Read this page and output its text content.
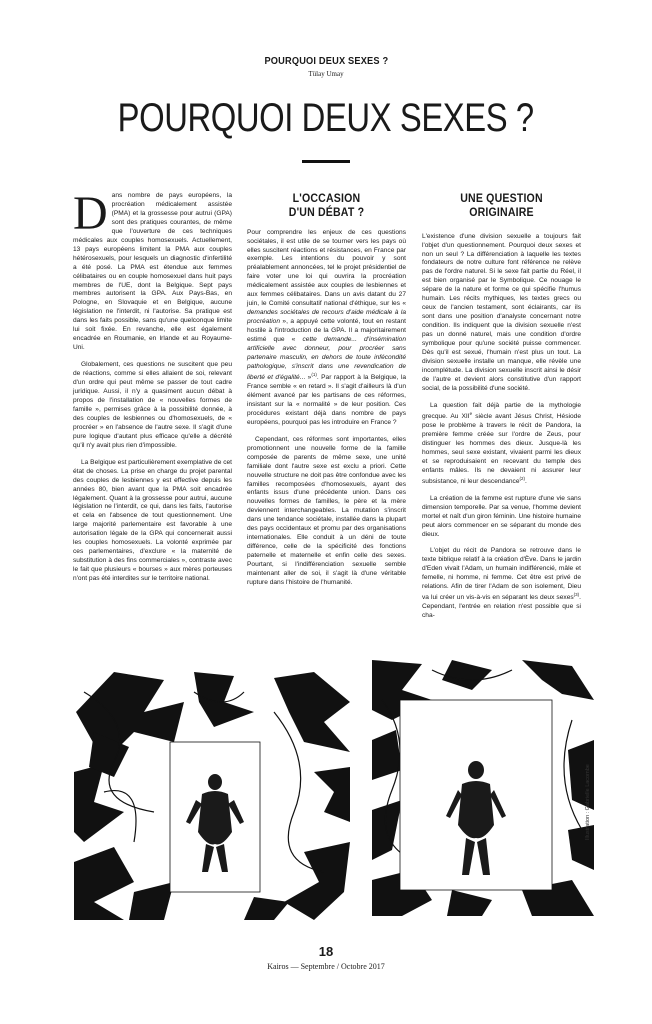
POURQUOI DEUX SEXES ?
Tülay Umay
POURQUOI DEUX SEXES ?

Dans nombre de pays européens, la procréation médicalement assistée (PMA) et la grossesse pour autrui (GPA) sont des pratiques courantes, de même que l'ouverture de ces techniques médicales aux couples homosexuels. Actuellement, 13 pays européens limitent la PMA aux couples hétérosexuels, pour lesquels un diagnostic d'infertilité a été posé. La PMA est étendue aux femmes célibataires ou en couple homosexuel dans huit pays membres de l'UE, dont la Belgique. Sept pays membres autorisent la GPA. Aux Pays-Bas, en Pologne, en Slovaquie et en Belgique, aucune législation ne l'interdit, ni l'autorise. Sa pratique est dans les faits possible, sans qu'une quelconque limite lui soit fixée. En revanche, elle est également encadrée en Roumanie, en Irlande et au Royaume-Uni.

Globalement, ces questions ne suscitent que peu de réactions, comme si elles allaient de soi, relevant d'un ordre qui peut même se passer de tout cadre juridique. Aussi, il n'y a quasiment aucun débat à propos de l'installation de « nouvelles formes de famille », permises grâce à la possibilité donnée, à des couples de lesbiennes ou d'homosexuels, de « procréer » en l'absence de l'autre sexe. Il s'agit d'une pure logique d'autant plus efficace qu'elle a décrété qu'il n'y avait plus rien d'impossible.

La Belgique est particulièrement exemplative de cet état de choses. La prise en charge du projet parental des couples de lesbiennes y est effective depuis les années 80, bien avant que la PMA soit encadrée légalement. Quant à la grossesse pour autrui, aucune législation ne l'interdit, ce qui, dans les faits, l'autorise et cela en l'absence de tout questionnement. Une large majorité parlementaire est favorable à une autorisation légale de la GPA qui concernerait aussi les couples homosexuels. La volonté exprimée par ces parlementaires, d'exclure « la maternité de substitution à des fins commerciales », contraste avec le fait que plusieurs « bourses » aux mères porteuses n'ont pas été interdites sur le territoire national.

L'OCCASION
D'UN DÉBAT ?

Pour comprendre les enjeux de ces questions sociétales, il est utile de se tourner vers les pays où elles suscitent réactions et résistances, en France par exemple. Les intentions du pouvoir y sont préalablement annoncées, tel le projet présidentiel de faire voter une loi qui ouvrira la procréation médicalement assistée aux couples de lesbiennes et aux femmes célibataires. Dans un avis datant du 27 juin, le Comité consultatif national d'éthique, sur les « demandes sociétales de recours d'aide médicale à la procréation », a appuyé cette volonté, tout en restant hostile à l'introduction de la GPA. Il a majoritairement estimé que « cette demande... d'insémination artificielle avec donneur, pour procréer sans partenaire masculin, en dehors de toute infécondité pathologique, s'inscrit dans une revendication de liberté et d'égalité... »$^{(1)}$. Par rapport à la Belgique, la France semble « en retard ». Il s'agit d'ailleurs là d'un élément avancé par les partisans de ces réformes, insistant sur la « normalité » de leur position. Ces procédures existant déjà dans nombre de pays européens, pourquoi pas les introduire en France ?

Cependant, ces réformes sont importantes, elles promotionnent une nouvelle forme de la famille composée de parents de même sexe, une unité familiale dont l'autre sexe est exclu a priori. Cette nouvelle structure ne doit pas être confondue avec les familles recomposées d'homosexuels, ayant des enfants issus d'une précédente union. Dans ces nouvelles formes de familles, le père et la mère deviennent interchangeables. La mutation s'inscrit dans une tendance sociétale, installée dans la plupart des pays occidentaux et promu par des organisations internationales. Elle conduit à un déni de toute différence, celle de la spécificité des fonctions paternelle et maternelle et enfin celle des sexes. Pourtant, si l'indifférenciation sexuelle semble maintenant aller de soi, il s'agit là d'une véritable rupture dans l'histoire de l'humanité.

UNE QUESTION ORIGINAIRE

L'existence d'une division sexuelle a toujours fait l'objet d'un questionnement. Pourquoi deux sexes et non un seul ? La différenciation à laquelle les textes fondateurs de notre culture font référence ne relève pas de l'ordre naturel. Si le sexe fait partie du Réel, il est bien organisé par le Symbolique. Ce nouage le sépare de la nature et forme ce qui spécifie l'humus humain. Les récits mythiques, les textes grecs ou ceux de l'ancien testament, sont éclairants, car ils sont dans une position d'analyste concernant notre condition. Ils indiquent que la division sexuelle n'est pas un donné naturel, mais une condition d'ordre symbolique pour qu'une société puisse commencer. Dès qu'il est sexué, l'humain n'est plus un tout. La division sexuelle installe un manque, elle révèle une incomplétude. La division sexuelle inscrit ainsi le désir de l'autre et devient alors constitutive d'un rapport social, de la possibilité d'une société.

La question fait déjà partie de la mythologie grecque. Au XIIe siècle avant Jésus Christ, Hésiode pose le problème à travers le récit de Pandora, la première femme créée sur l'ordre de Zeus, pour distinguer les hommes des dieux. Jusque-là les hommes, seul sexe existant, vivaient parmi les dieux et se reproduisaient en recevant du temple des enfants mâles. Ils ne devaient ni assurer leur subsistance, ni leur descendance$^{(2)}$.

La création de la femme est rupture d'une vie sans dimension temporelle. Par sa venue, l'homme devient mortel et naît d'un giron féminin. Une histoire humaine peut alors commencer en se séparant du monde des dieux.

L'objet du récit de Pandora se retrouve dans le texte biblique relatif à la création d'Ève. Dans le jardin d'Eden vivait l'Adam, un humain indifférencié, mâle et femelle, ni homme, ni femme. Cet être est privé de relations. Afin de tirer l'Adam de son isolement, Dieu va lui créer un vis-à-vis en séparant les deux sexes$^{(3)}$. Cependant, l'entrée en relation n'est possible que si cha-

Illustration : Gabrielle Lacombe
18
Kairos — Septembre / Octobre 2017
